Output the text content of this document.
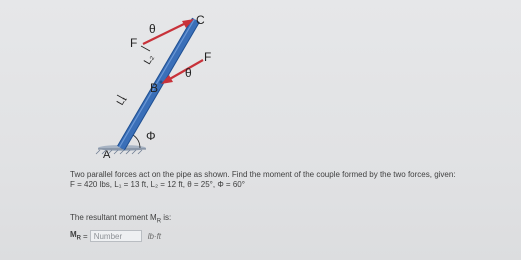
C
θ
F
L₂	F
θ
B
L₁
Φ
A
Two parallel forces act on the pipe as shown. Find the moment of the couple formed by the two forces, given:
F = 420 lbs, L₁ = 13 ft, L₂ = 12 ft, θ = 25°, Φ = 60°
The resultant moment $M_R$ is:
$M_R$ =
Number	lb·ft
